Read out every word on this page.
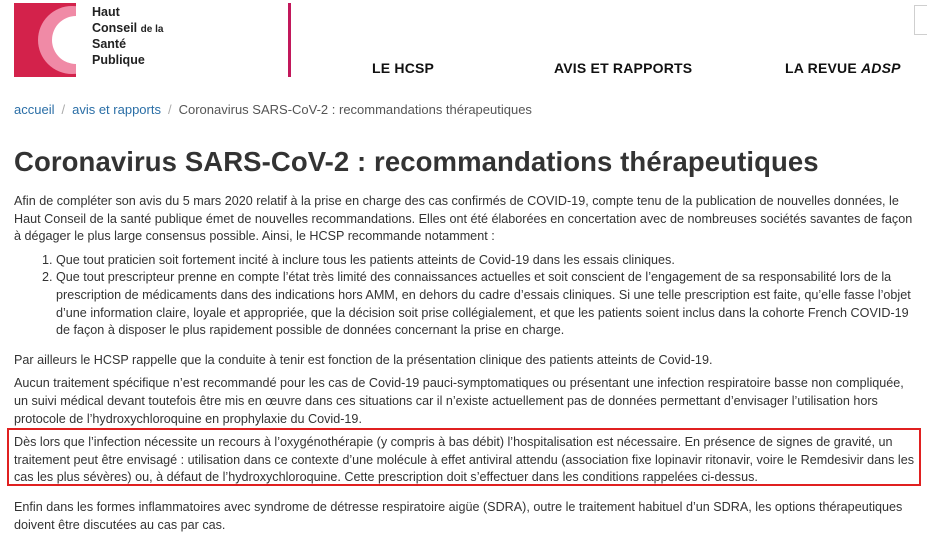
Haut
Conseil de la
Santé
Publique
LE HCSP	AVIS ET RAPPORTS	LA REVUE ADSP
accueil / avis et rapports / Coronavirus SARS-CoV-2 : recommandations thérapeutiques
Coronavirus SARS-CoV-2 : recommandations thérapeutiques

Afin de compléter son avis du 5 mars 2020 relatif à la prise en charge des cas confirmés de COVID-19, compte tenu de la publication de nouvelles données, le Haut Conseil de la santé publique émet de nouvelles recommandations. Elles ont été élaborées en concertation avec de nombreuses sociétés savantes de façon à dégager le plus large consensus possible. Ainsi, le HCSP recommande notamment :

1. Que tout praticien soit fortement incité à inclure tous les patients atteints de Covid-19 dans les essais cliniques.
2. Que tout prescripteur prenne en compte l’état très limité des connaissances actuelles et soit conscient de l’engagement de sa responsabilité lors de la prescription de médicaments dans des indications hors AMM, en dehors du cadre d’essais cliniques. Si une telle prescription est faite, qu’elle fasse l’objet d’une information claire, loyale et appropriée, que la décision soit prise collégialement, et que les patients soient inclus dans la cohorte French COVID-19 de façon à disposer le plus rapidement possible de données concernant la prise en charge.

Par ailleurs le HCSP rappelle que la conduite à tenir est fonction de la présentation clinique des patients atteints de Covid-19.

Aucun traitement spécifique n’est recommandé pour les cas de Covid-19 pauci-symptomatiques ou présentant une infection respiratoire basse non compliquée, un suivi médical devant toutefois être mis en œuvre dans ces situations car il n’existe actuellement pas de données permettant d’envisager l’utilisation hors protocole de l’hydroxychloroquine en prophylaxie du Covid-19.

Dès lors que l’infection nécessite un recours à l’oxygénothérapie (y compris à bas débit) l’hospitalisation est nécessaire. En présence de signes de gravité, un traitement peut être envisagé : utilisation dans ce contexte d’une molécule à effet antiviral attendu (association fixe lopinavir ritonavir, voire le Remdesivir dans les cas les plus sévères) ou, à défaut de l’hydroxychloroquine. Cette prescription doit s’effectuer dans les conditions rappelées ci-dessus.

Enfin dans les formes inflammatoires avec syndrome de détresse respiratoire aigüe (SDRA), outre le traitement habituel d’un SDRA, les options thérapeutiques doivent être discutées au cas par cas.
